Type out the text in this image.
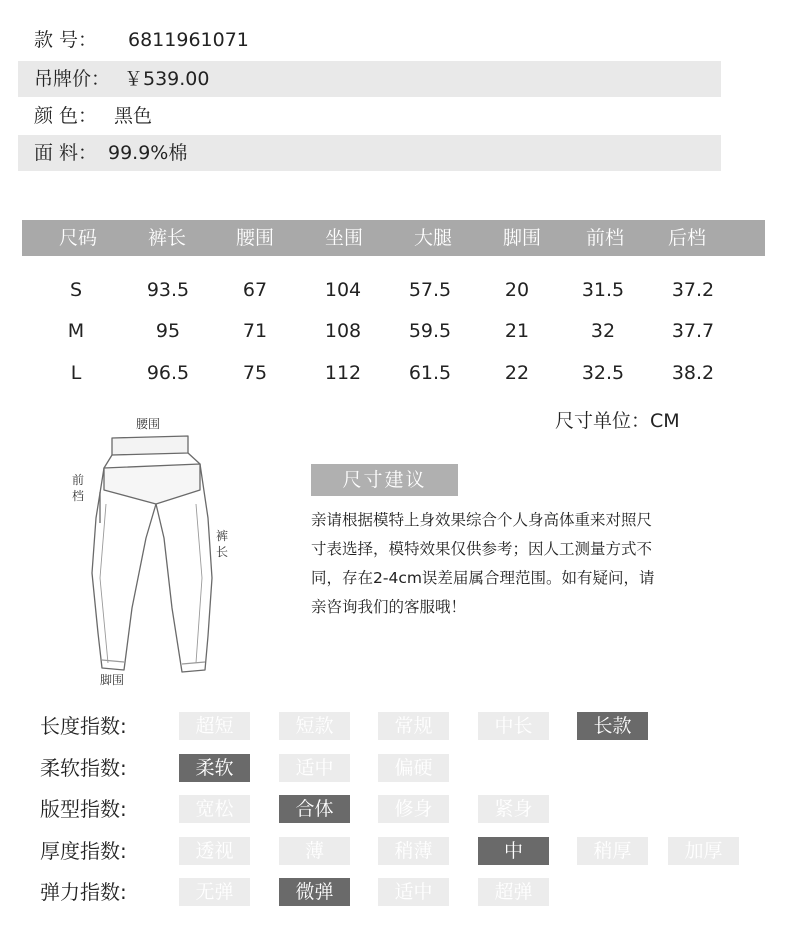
款 号： 6811961071
吊牌价： ￥539.00
颜 色： 黑色
面 料： 99.9%棉
尺码	裤长	腰围	坐围	大腿	脚围 前档 后档
S	93.5	67	104	57.5	20	31.5	37.2
M	95	71	108	59.5	21	32	37.7
L	96.5	75	112	61.5	22	32.5	38.2
尺寸单位：CM
腰围
前
档
裤
长
脚围
尺寸建议
亲请根据模特上身效果综合个人身高体重来对照尺
寸表选择，模特效果仅供参考；因人工测量方式不
同，存在2-4cm误差届属合理范围。如有疑问，请
亲咨询我们的客服哦！
长度指数:	超短	短款	常规	中长	长款
柔软指数:	柔软	适中	偏硬
版型指数:	宽松	合体	修身	紧身
厚度指数:	透视	薄	稍薄	中	稍厚	加厚
弹力指数:	无弹	微弹	适中	超弹
